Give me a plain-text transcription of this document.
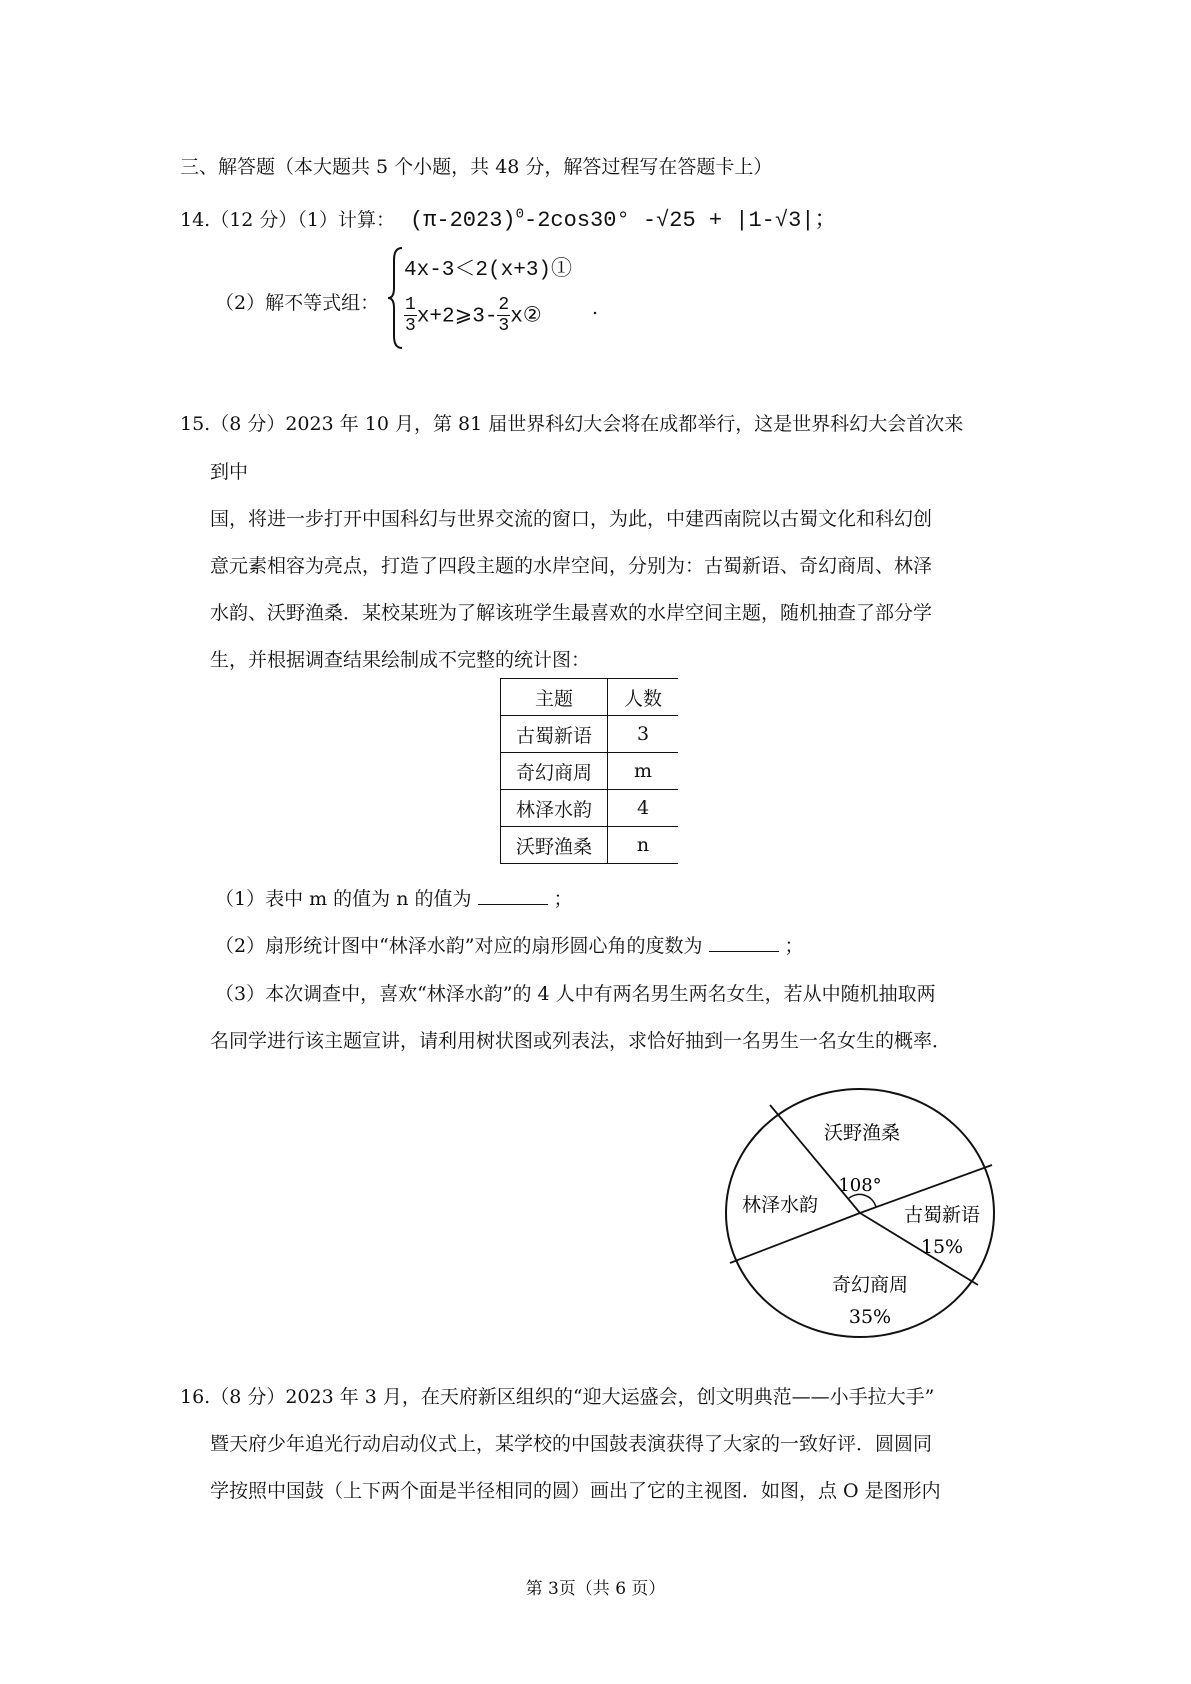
三、解答题（本大题共 5 个小题，共 48 分，解答过程写在答题卡上）
14.（12 分）（1）计算： $(\pi-2023)^0-2\cos 30^\circ$ -√25 + |1-√3|；
（2）解不等式组：
4x-3＜2(x+3)①
$\frac{1}{3}$ x+2⩾3- $\frac{2}{3}$ x②	.
15.（8 分）2023 年 10 月，第 81 届世界科幻大会将在成都举行，这是世界科幻大会首次来
到中
国，将进一步打开中国科幻与世界交流的窗口，为此，中建西南院以古蜀文化和科幻创
意元素相容为亮点，打造了四段主题的水岸空间，分别为：古蜀新语、奇幻商周、林泽
水韵、沃野渔桑．某校某班为了解该班学生最喜欢的水岸空间主题，随机抽查了部分学
生，并根据调查结果绘制成不完整的统计图：
主题	人数
古蜀新语	3
奇幻商周	m
林泽水韵	4
沃野渔桑	n
（1）表中 m 的值为 n 的值为	；
（2）扇形统计图中“林泽水韵”对应的扇形圆心角的度数为	；
（3）本次调查中，喜欢“林泽水韵”的 4 人中有两名男生两名女生，若从中随机抽取两
名同学进行该主题宣讲，请利用树状图或列表法，求恰好抽到一名男生一名女生的概率．
沃野渔桑
林泽水韵	古蜀新语
15%
奇幻商周
35%
108°
16.（8 分）2023 年 3 月，在天府新区组织的“迎大运盛会，创文明典范——小手拉大手”
暨天府少年追光行动启动仪式上，某学校的中国鼓表演获得了大家的一致好评．圆圆同
学按照中国鼓（上下两个面是半径相同的圆）画出了它的主视图．如图，点 O 是图形内
第 3页（共 6 页）
